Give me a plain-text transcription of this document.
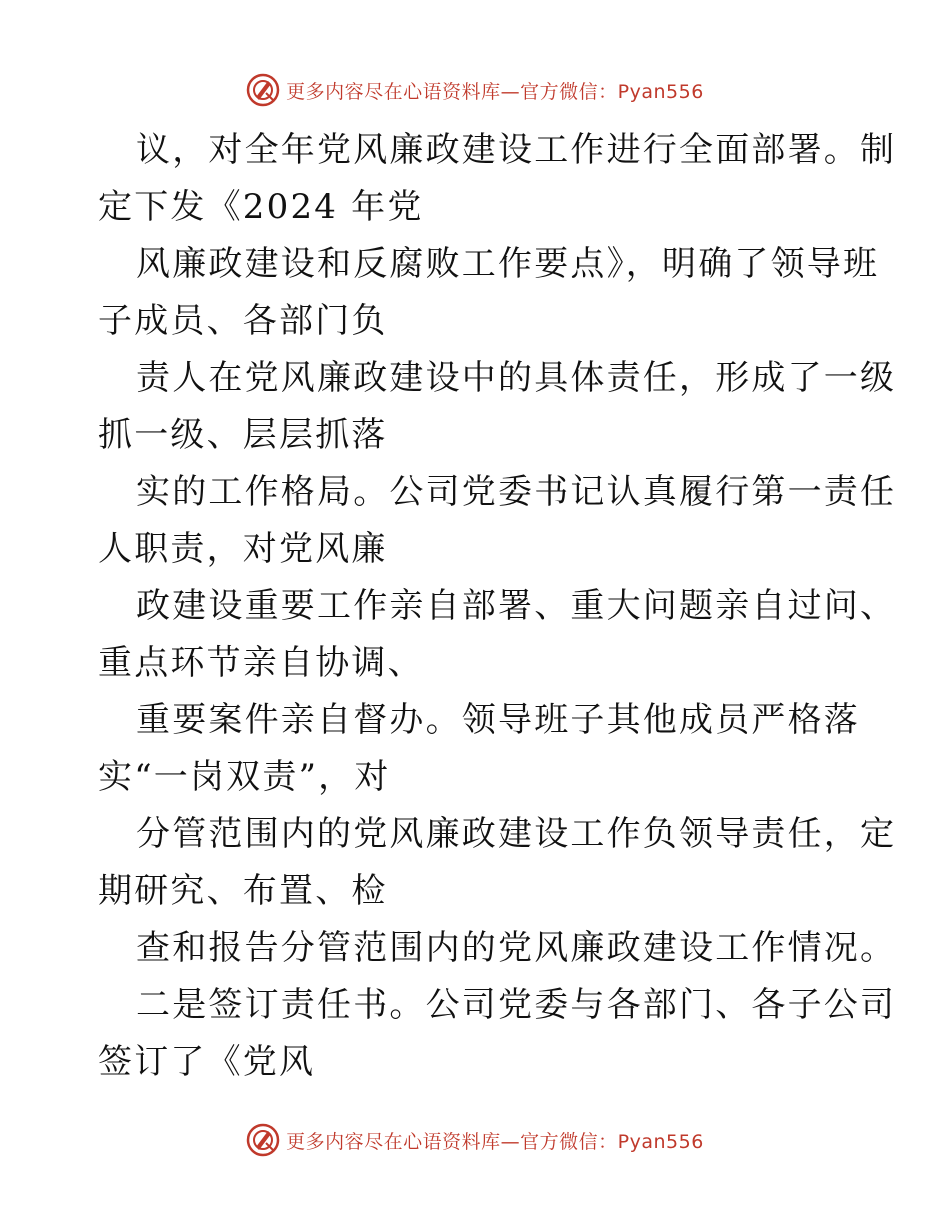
更多内容尽在心语资料库—官方微信：Pyan556
议，对全年党风廉政建设工作进行全面部署。制
定下发《2024 年党
风廉政建设和反腐败工作要点》，明确了领导班
子成员、各部门负
责人在党风廉政建设中的具体责任，形成了一级
抓一级、层层抓落
实的工作格局。公司党委书记认真履行第一责任
人职责，对党风廉
政建设重要工作亲自部署、重大问题亲自过问、
重点环节亲自协调、
重要案件亲自督办。领导班子其他成员严格落
实“一岗双责”，对
分管范围内的党风廉政建设工作负领导责任，定
期研究、布置、检
查和报告分管范围内的党风廉政建设工作情况。
二是签订责任书。公司党委与各部门、各子公司
签订了《党风
更多内容尽在心语资料库—官方微信：Pyan556
